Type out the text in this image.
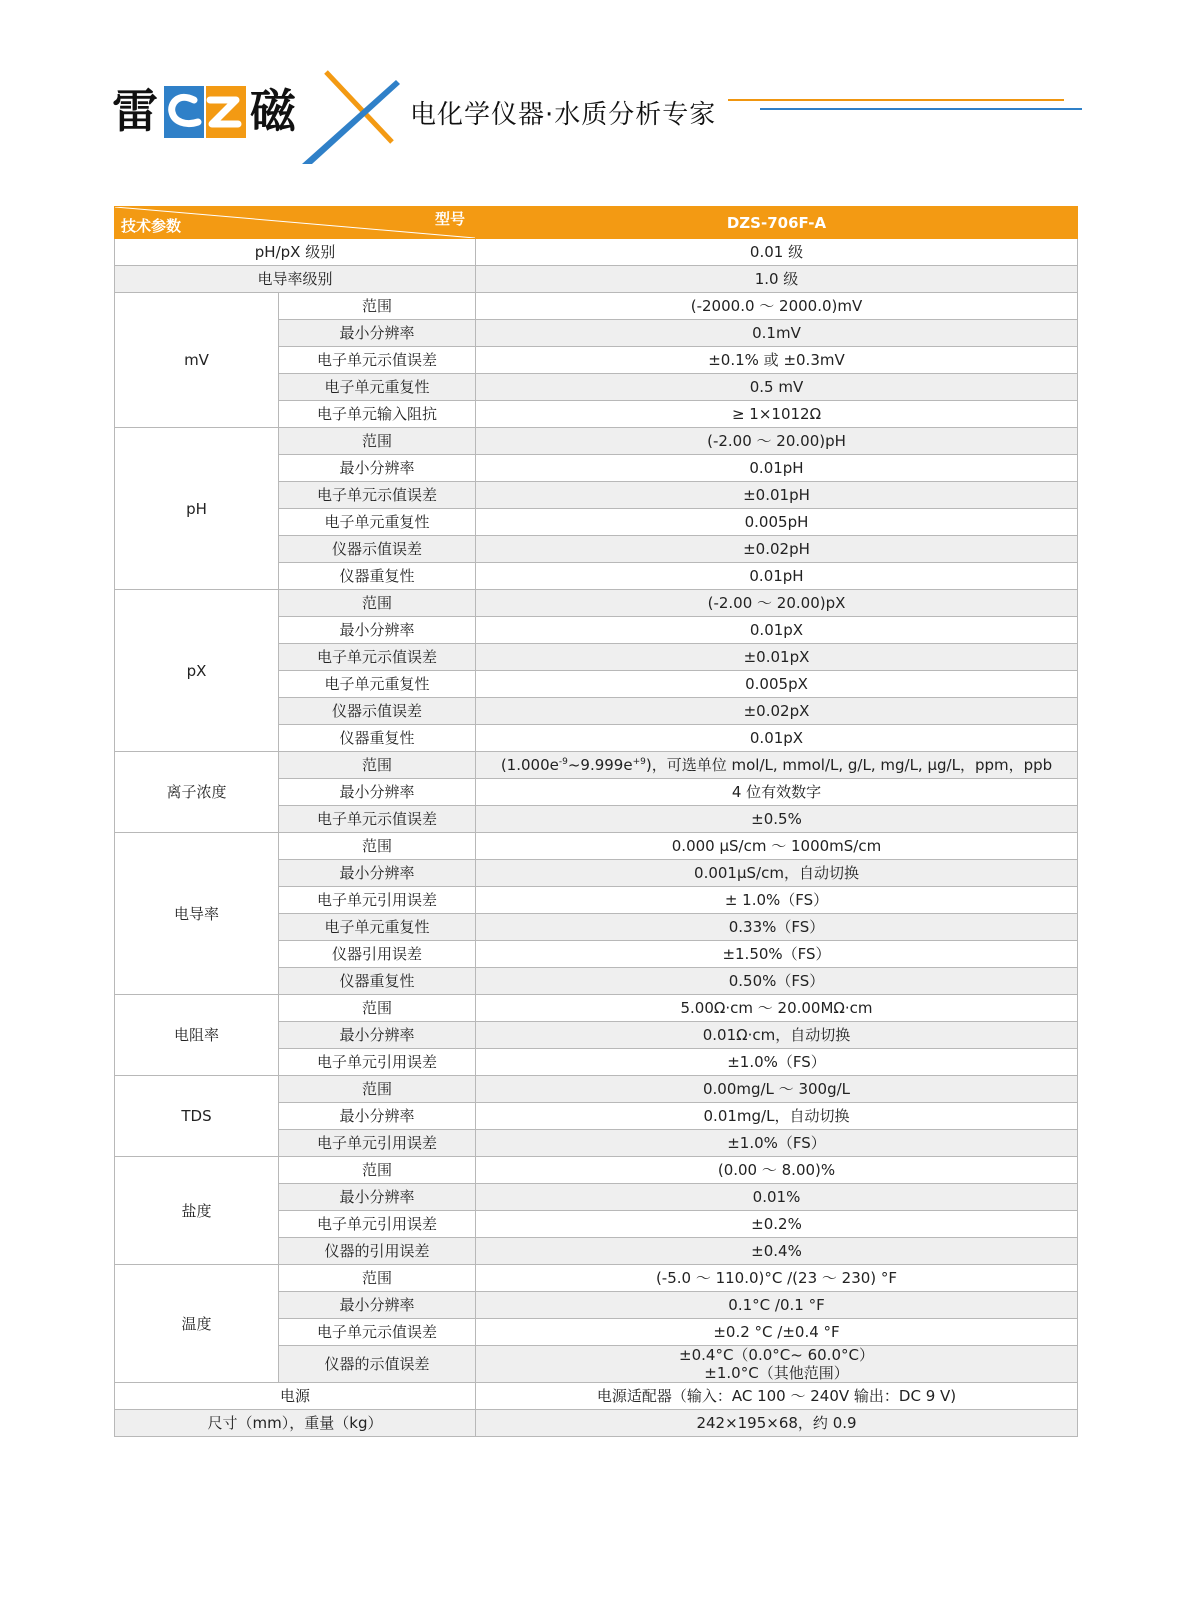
雷 磁	电化学仪器·水质分析专家
技术参数 型号		DZS-706F-A
pH/pX 级别		0.01 级
电导率级别		1.0 级
mV	范围	(-2000.0 ～ 2000.0)mV
	最小分辨率	0.1mV
	电子单元示值误差	±0.1% 或 ±0.3mV
	电子单元重复性	0.5 mV
	电子单元输入阻抗	≥ 1×1012Ω
pH	范围	(-2.00 ～ 20.00)pH
	最小分辨率	0.01pH
	电子单元示值误差	±0.01pH
	电子单元重复性	0.005pH
	仪器示值误差	±0.02pH
	仪器重复性	0.01pH
pX	范围	(-2.00 ～ 20.00)pX
	最小分辨率	0.01pX
	电子单元示值误差	±0.01pX
	电子单元重复性	0.005pX
	仪器示值误差	±0.02pX
	仪器重复性	0.01pX
离子浓度	范围	$(1.000e^{-9}\sim 9.999e^{+9})$，可选单位 mol/L, mmol/L, g/L, mg/L, μg/L，ppm，ppb
	最小分辨率	4 位有效数字
	电子单元示值误差	±0.5%
电导率	范围	0.000 μS/cm ～ 1000mS/cm
	最小分辨率	0.001μS/cm，自动切换
	电子单元引用误差	± 1.0%（FS）
	电子单元重复性	0.33%（FS）
	仪器引用误差	±1.50%（FS）
	仪器重复性	0.50%（FS）
电阻率	范围	5.00Ω·cm ～ 20.00MΩ·cm
	最小分辨率	0.01Ω·cm，自动切换
	电子单元引用误差	±1.0%（FS）
TDS	范围	0.00mg/L ～ 300g/L
	最小分辨率	0.01mg/L，自动切换
	电子单元引用误差	±1.0%（FS）
盐度	范围	(0.00 ～ 8.00)%
	最小分辨率	0.01%
	电子单元引用误差	±0.2%
	仪器的引用误差	±0.4%
温度	范围	(-5.0 ～ 110.0)°C /(23 ～ 230) °F
	最小分辨率	0.1°C /0.1 °F
	电子单元示值误差	±0.2 °C /±0.4 °F
	仪器的示值误差	±0.4°C（0.0°C~ 60.0°C）
±1.0°C（其他范围）

电源		电源适配器（输入：AC 100 ～ 240V 输出：DC 9 V)
尺寸（mm），重量（kg）		242×195×68，约 0.9
